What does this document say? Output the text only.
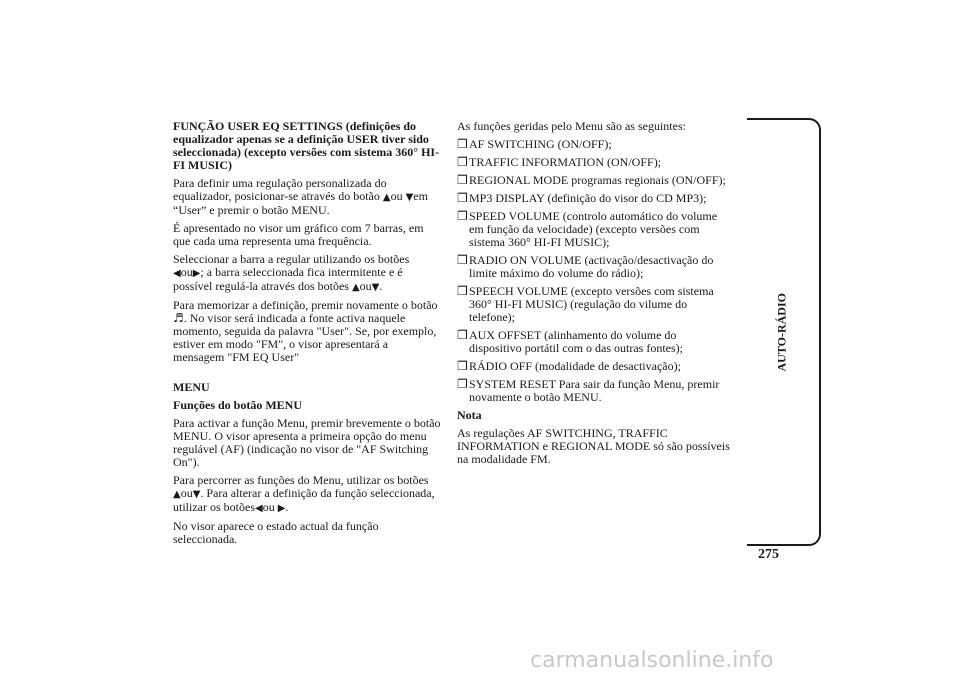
FUNÇÃO USER EQ SETTINGS (definições do equalizador apenas se a definição USER tiver sido seleccionada) (excepto versões com sistema 360° HI-FI MUSIC)

Para definir uma regulação personalizada do equalizador, posicionar-se através do botão ▲ou ▼em “User” e premir o botão MENU.

É apresentado no visor um gráfico com 7 barras, em que cada uma representa uma frequência.

Seleccionar a barra a regular utilizando os botões ◀ou▶; a barra seleccionada fica intermitente e é possível regulá-la através dos botões ▲ou▼.

Para memorizar a definição, premir novamente o botão ♬. No visor será indicada a fonte activa naquele momento, seguida da palavra "User". Se, por exemplo, estiver em modo "FM", o visor apresentará a mensagem "FM EQ User"

MENU

Funções do botão MENU

Para activar a função Menu, premir brevemente o botão MENU. O visor apresenta a primeira opção do menu regulável (AF) (indicação no visor de "AF Switching On").

Para percorrer as funções do Menu, utilizar os botões ▲ou▼. Para alterar a definição da função seleccionada, utilizar os botões◀ou ▶.

No visor aparece o estado actual da função seleccionada.

As funções geridas pelo Menu são as seguintes:

❒ AF SWITCHING (ON/OFF);
❒ TRAFFIC INFORMATION (ON/OFF);
❒ REGIONAL MODE programas regionais (ON/OFF);
❒ MP3 DISPLAY (definição do visor do CD MP3);
❒ SPEED VOLUME (controlo automático do volume em função da velocidade) (excepto versões com sistema 360° HI-FI MUSIC);
❒ RADIO ON VOLUME (activação/desactivação do limite máximo do volume do rádio);
❒ SPEECH VOLUME (excepto versões com sistema 360° HI-FI MUSIC) (regulação do vilume do telefone);
❒ AUX OFFSET (alinhamento do volume do dispositivo portátil com o das outras fontes);
❒ RÁDIO OFF (modalidade de desactivação);
❒ SYSTEM RESET Para sair da função Menu, premir novamente o botão MENU.

Nota

As regulações AF SWITCHING, TRAFFIC INFORMATION e REGIONAL MODE só são possíveis na modalidade FM.

AUTO-RÁDIO
275
carmanualsonline.info
